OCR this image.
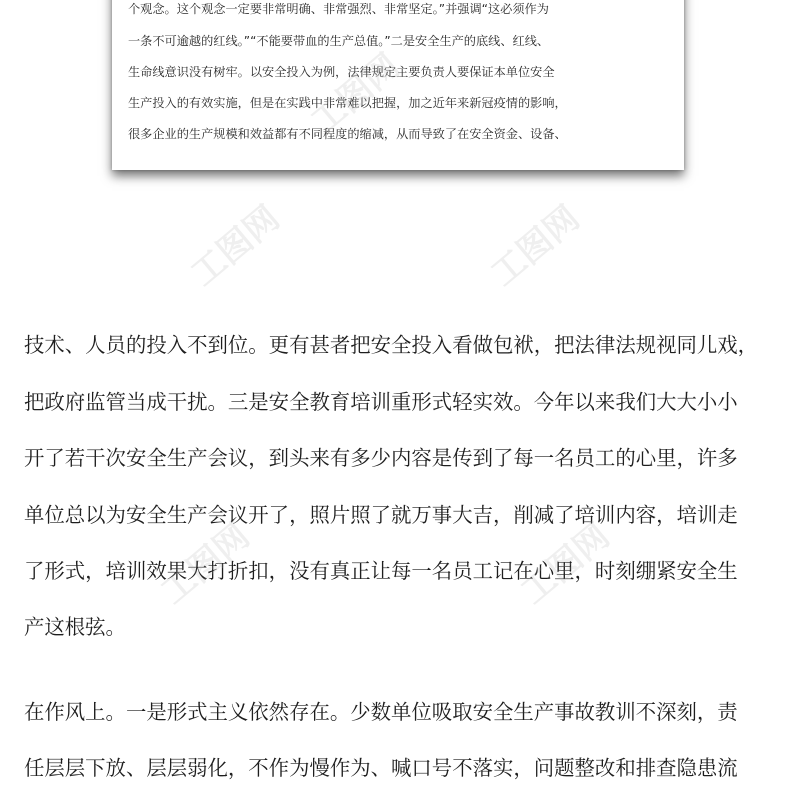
个观念。这个观念一定要非常明确、非常强烈、非常坚定。”并强调“这必须作为

一条不可逾越的红线。”“不能要带血的生产总值。”二是安全生产的底线、红线、

生命线意识没有树牢。以安全投入为例，法律规定主要负责人要保证本单位安全

生产投入的有效实施，但是在实践中非常难以把握，加之近年来新冠疫情的影响，

很多企业的生产规模和效益都有不同程度的缩减，从而导致了在安全资金、设备、

技术、人员的投入不到位。更有甚者把安全投入看做包袱，把法律法规视同儿戏，

把政府监管当成干扰。三是安全教育培训重形式轻实效。今年以来我们大大小小

开了若干次安全生产会议，到头来有多少内容是传到了每一名员工的心里，许多

单位总以为安全生产会议开了，照片照了就万事大吉，削减了培训内容，培训走

了形式，培训效果大打折扣，没有真正让每一名员工记在心里，时刻绷紧安全生

产这根弦。

在作风上。一是形式主义依然存在。少数单位吸取安全生产事故教训不深刻，责

任层层下放、层层弱化，不作为慢作为、喊口号不落实，问题整改和排查隐患流

工图网	工图网
工图网
工图网	工图网
